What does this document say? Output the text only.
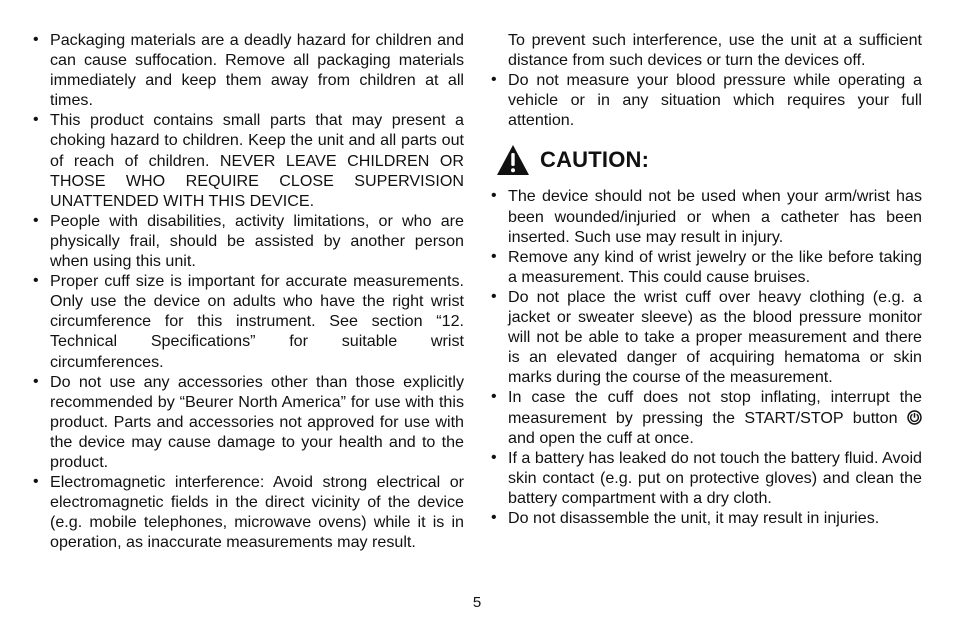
• Packaging materials are a deadly hazard for children and can cause suffocation. Remove all packaging materials immediately and keep them away from children at all times.
• This product contains small parts that may present a choking hazard to children. Keep the unit and all parts out of reach of children. NEVER LEAVE CHILDREN OR THOSE WHO REQUIRE CLOSE SUPERVISION UNATTENDED WITH THIS DEVICE.
• People with disabilities, activity limitations, or who are physically frail, should be assisted by another person when using this unit.
• Proper cuff size is important for accurate measurements. Only use the device on adults who have the right wrist circumference for this instrument. See section “12. Technical Specifications” for suitable wrist circumferences.
• Do not use any accessories other than those explicitly recommended by “Beurer North America” for use with this product. Parts and accessories not approved for use with the device may cause damage to your health and to the product.
• Electromagnetic interference: Avoid strong electrical or electromagnetic fields in the direct vicinity of the device (e.g. mobile telephones, microwave ovens) while it is in operation, as inaccurate measurements may result.
To prevent such interference, use the unit at a sufficient distance from such devices or turn the devices off.
• Do not measure your blood pressure while operating a vehicle or in any situation which requires your full attention.
CAUTION:
• The device should not be used when your arm/wrist has been wounded/injuried or when a catheter has been inserted. Such use may result in injury.
• Remove any kind of wrist jewelry or the like before taking a measurement. This could cause bruises.
• Do not place the wrist cuff over heavy clothing (e.g. a jacket or sweater sleeve) as the blood pressure monitor will not be able to take a proper measurement and there is an elevated danger of acquiring hematoma or skin marks during the course of the measurement.
• In case the cuff does not stop inflating, interrupt the measurement by pressing the START/STOP button  and open the cuff at once.
• If a battery has leaked do not touch the battery fluid. Avoid skin contact (e.g. put on protective gloves) and clean the battery compartment with a dry cloth.
• Do not disassemble the unit, it may result in injuries.
5
